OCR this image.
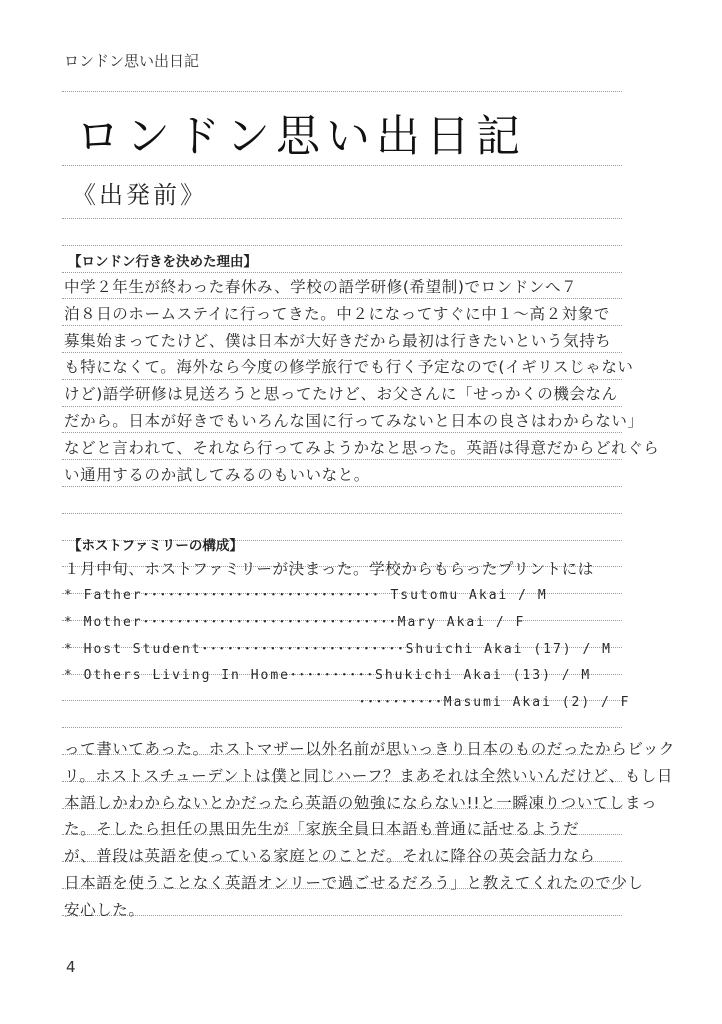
ロンドン思い出日記
ロンドン思い出日記
《出発前》
【ロンドン行きを決めた理由】
中学２年生が終わった春休み、学校の語学研修(希望制)でロンドンへ７
泊８日のホームステイに行ってきた。中２になってすぐに中１～高２対象で
募集始まってたけど、僕は日本が大好きだから最初は行きたいという気持ち
も特になくて。海外なら今度の修学旅行でも行く予定なので(イギリスじゃない
けど)語学研修は見送ろうと思ってたけど、お父さんに「せっかくの機会なん
だから。日本が好きでもいろんな国に行ってみないと日本の良さはわからない」
などと言われて、それなら行ってみようかなと思った。英語は得意だからどれぐら
い通用するのか試してみるのもいいなと。
【ホストファミリーの構成】
１月中旬、ホストファミリーが決まった。学校からもらったプリントには
* Father････････････････････････････ Tsutomu Akai / M
* Mother･･････････････････････････････Mary Akai / F
* Host Student････････････････････････Shuichi Akai (17) / M
* Others Living In Home･･････････Shukichi Akai (13) / M
･･････････Masumi Akai (2) / F
って書いてあった。ホストマザー以外名前が思いっきり日本のものだったからビック
リ。ホストスチューデントは僕と同じハーフ？まあそれは全然いいんだけど、もし日
本語しかわからないとかだったら英語の勉強にならない!!と一瞬凍りついてしまっ
た。そしたら担任の黒田先生が「家族全員日本語も普通に話せるようだ
が、普段は英語を使っている家庭とのことだ。それに降谷の英会話力なら
日本語を使うことなく英語オンリーで過ごせるだろう」と教えてくれたので少し
安心した。
4
